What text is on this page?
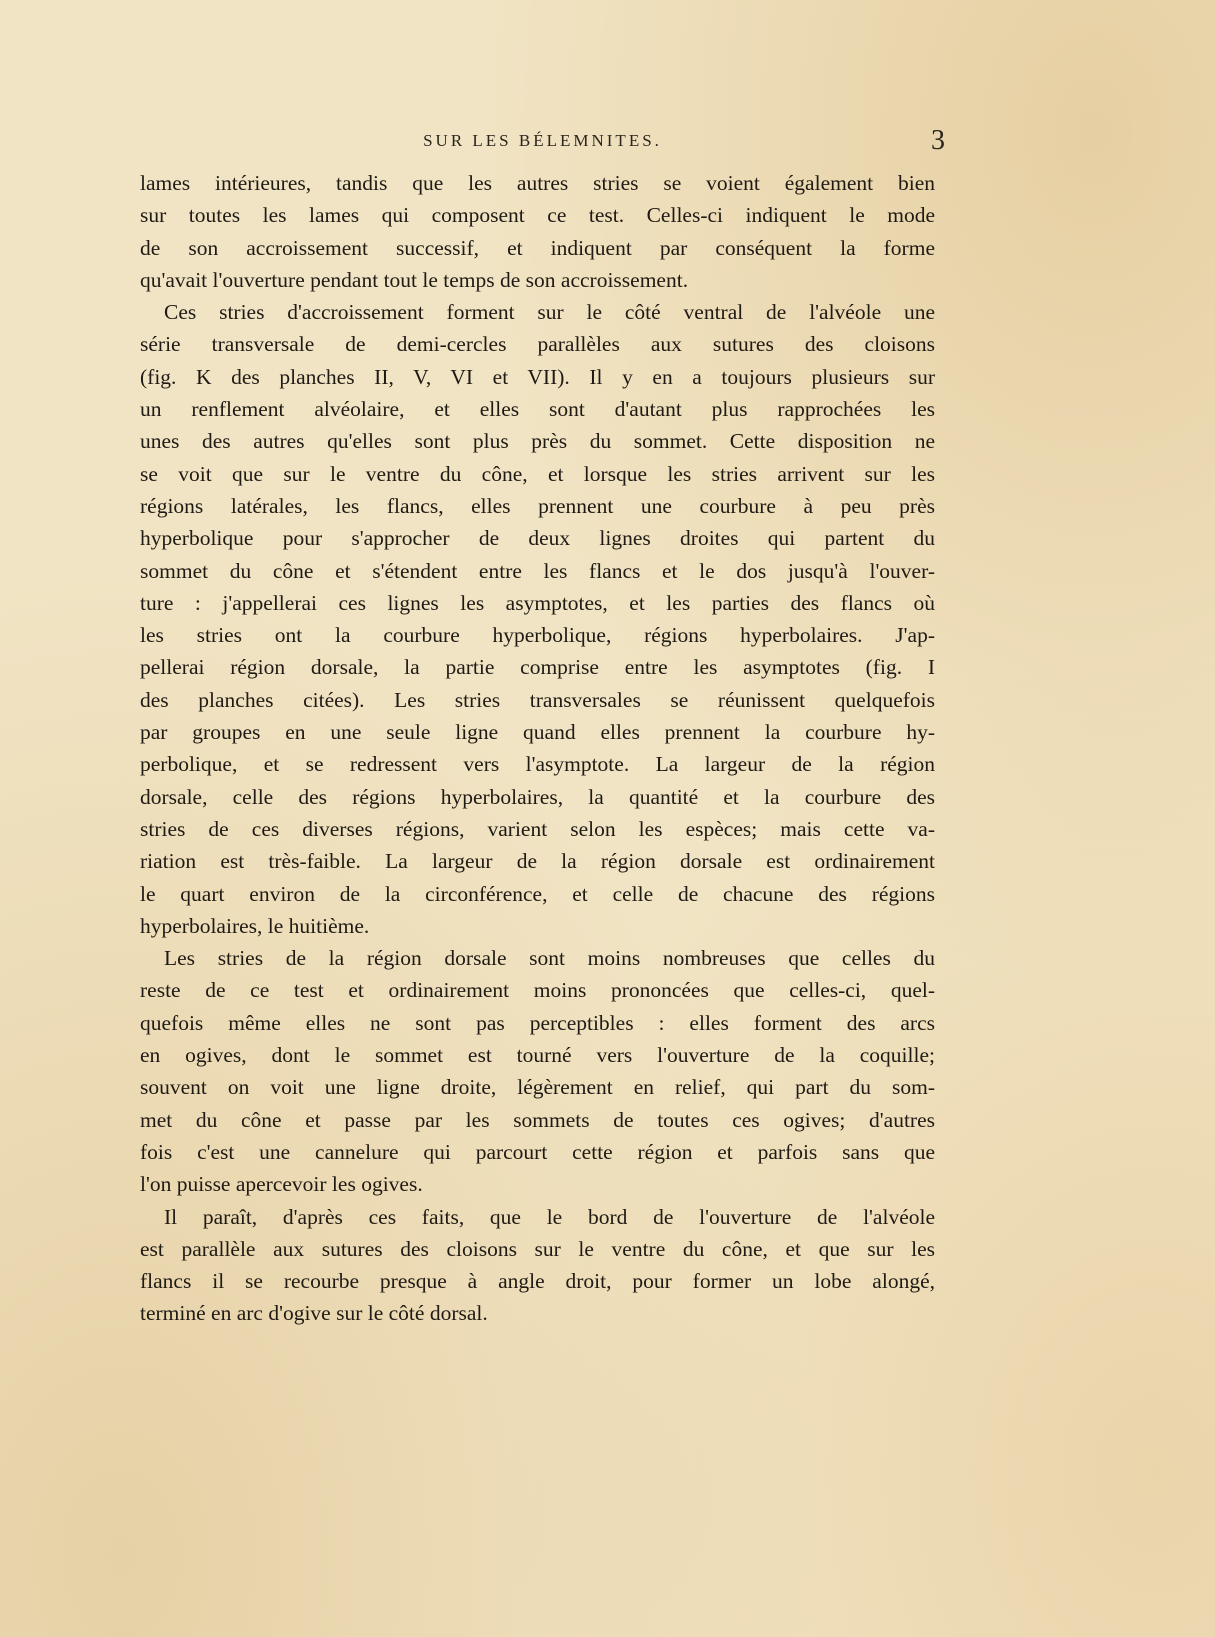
SUR LES BÉLEMNITES.	3
lames intérieures, tandis que les autres stries se voient également bien
sur toutes les lames qui composent ce test. Celles-ci indiquent le mode
de son accroissement successif, et indiquent par conséquent la forme
qu'avait l'ouverture pendant tout le temps de son accroissement.
Ces stries d'accroissement forment sur le côté ventral de l'alvéole une
série transversale de demi-cercles parallèles aux sutures des cloisons
(fig. K des planches II, V, VI et VII). Il y en a toujours plusieurs sur
un renflement alvéolaire, et elles sont d'autant plus rapprochées les
unes des autres qu'elles sont plus près du sommet. Cette disposition ne
se voit que sur le ventre du cône, et lorsque les stries arrivent sur les
régions latérales, les flancs, elles prennent une courbure à peu près
hyperbolique pour s'approcher de deux lignes droites qui partent du
sommet du cône et s'étendent entre les flancs et le dos jusqu'à l'ouver-
ture : j'appellerai ces lignes les asymptotes, et les parties des flancs où
les stries ont la courbure hyperbolique, régions hyperbolaires. J'ap-
pellerai région dorsale, la partie comprise entre les asymptotes (fig. I
des planches citées). Les stries transversales se réunissent quelquefois
par groupes en une seule ligne quand elles prennent la courbure hy-
perbolique, et se redressent vers l'asymptote. La largeur de la région
dorsale, celle des régions hyperbolaires, la quantité et la courbure des
stries de ces diverses régions, varient selon les espèces; mais cette va-
riation est très-faible. La largeur de la région dorsale est ordinairement
le quart environ de la circonférence, et celle de chacune des régions
hyperbolaires, le huitième.
Les stries de la région dorsale sont moins nombreuses que celles du
reste de ce test et ordinairement moins prononcées que celles-ci, quel-
quefois même elles ne sont pas perceptibles : elles forment des arcs
en ogives, dont le sommet est tourné vers l'ouverture de la coquille;
souvent on voit une ligne droite, légèrement en relief, qui part du som-
met du cône et passe par les sommets de toutes ces ogives; d'autres
fois c'est une cannelure qui parcourt cette région et parfois sans que
l'on puisse apercevoir les ogives.
Il paraît, d'après ces faits, que le bord de l'ouverture de l'alvéole
est parallèle aux sutures des cloisons sur le ventre du cône, et que sur les
flancs il se recourbe presque à angle droit, pour former un lobe alongé,
terminé en arc d'ogive sur le côté dorsal.
